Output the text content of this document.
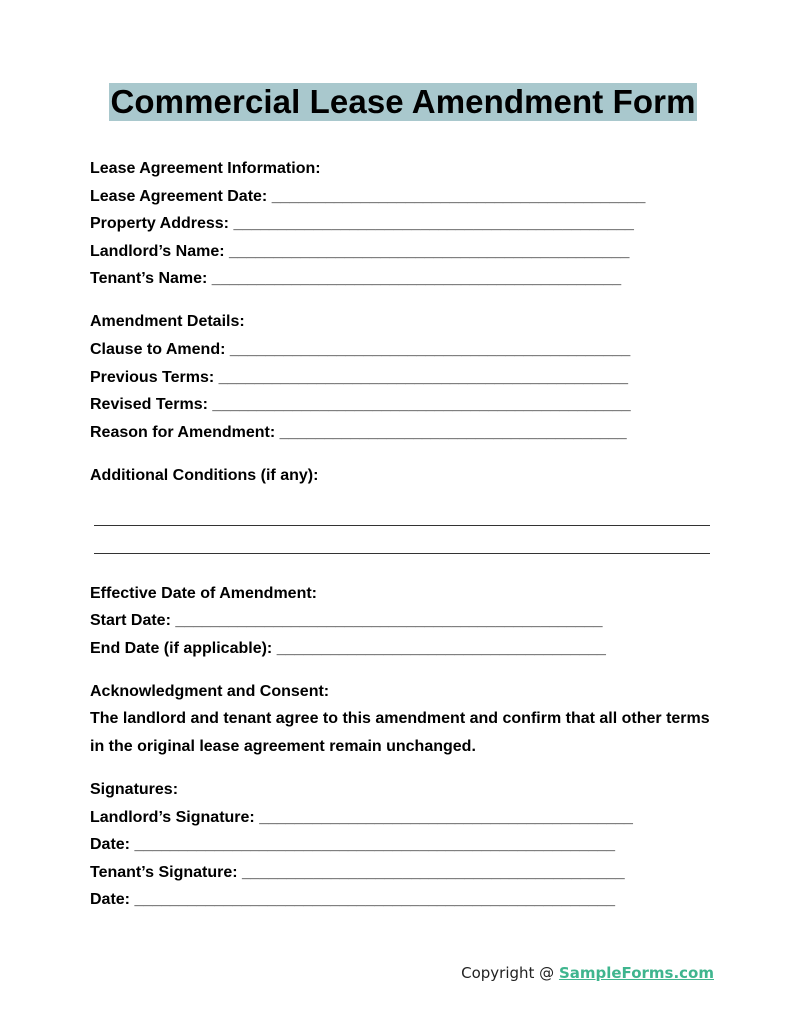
Commercial Lease Amendment Form
Lease Agreement Information:
Lease Agreement Date: __________________________________________
Property Address: _____________________________________________
Landlord’s Name: _____________________________________________
Tenant’s Name: ______________________________________________
Amendment Details:
Clause to Amend: _____________________________________________
Previous Terms: ______________________________________________
Revised Terms: _______________________________________________
Reason for Amendment: _______________________________________
Additional Conditions (if any):
Effective Date of Amendment:
Start Date: ________________________________________________
End Date (if applicable): _____________________________________
Acknowledgment and Consent:
The landlord and tenant agree to this amendment and confirm that all other terms in the original lease agreement remain unchanged.
Signatures:
Landlord’s Signature: __________________________________________
Date: ______________________________________________________
Tenant’s Signature: ___________________________________________
Date: ______________________________________________________
Copyright @ SampleForms.com
